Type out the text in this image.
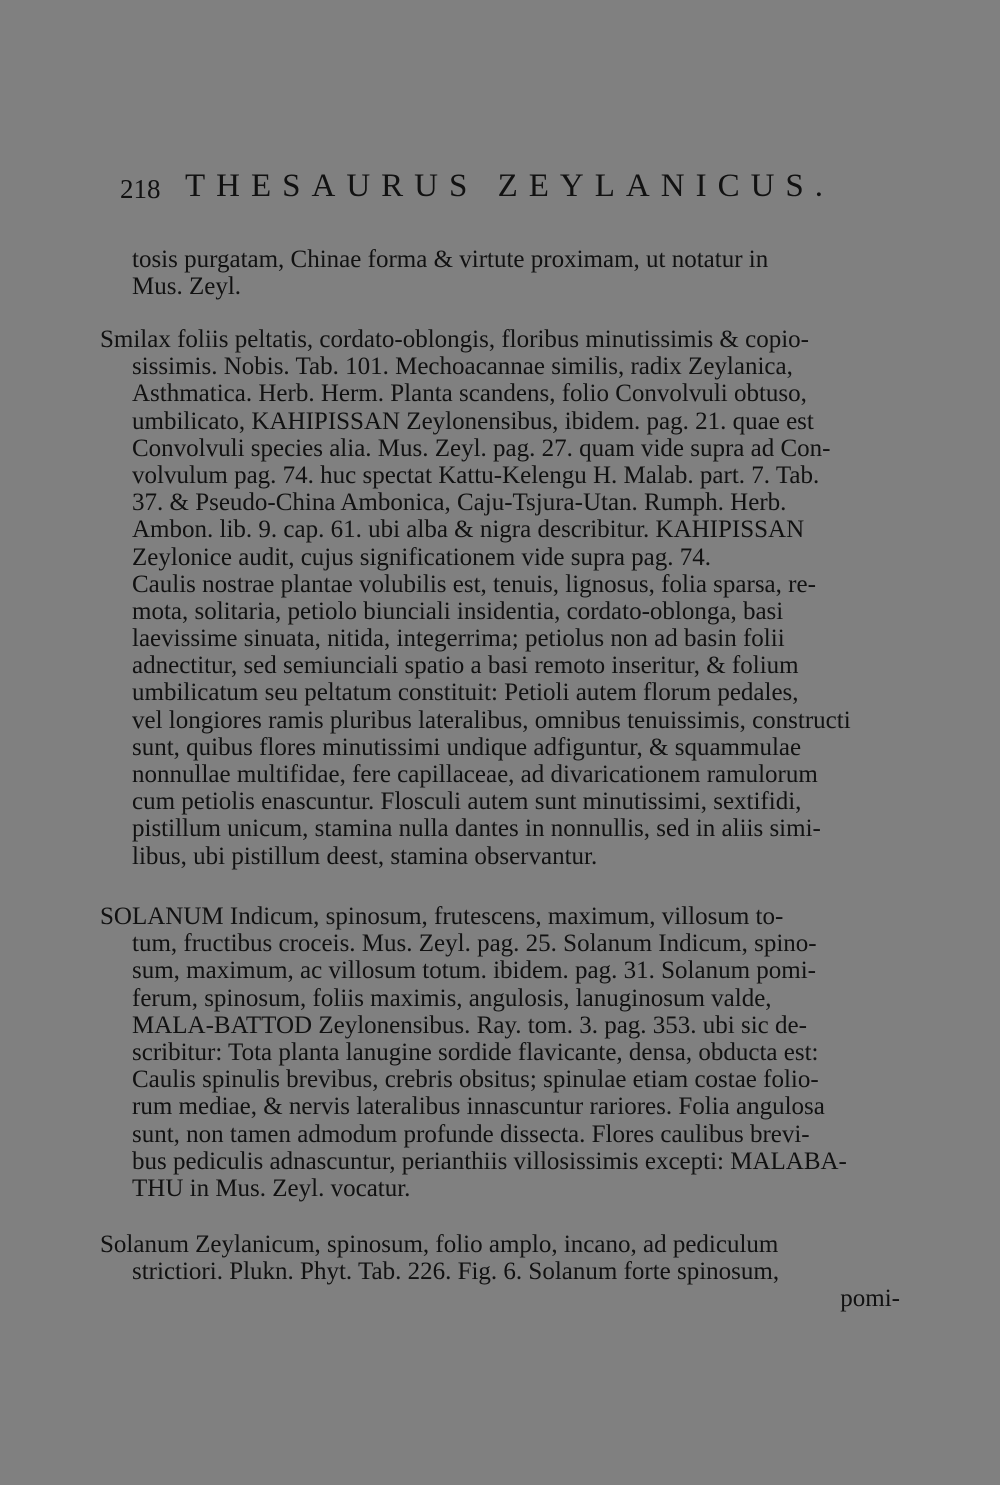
218 THESAURUS ZEYLANICUS.
tosis purgatam, Chinae forma & virtute proximam, ut notatur in
Mus. Zeyl.
Smilax foliis peltatis, cordato-oblongis, floribus minutissimis & copio-
sissimis. Nobis. Tab. 101. Mechoacannae similis, radix Zeylanica,
Asthmatica. Herb. Herm. Planta scandens, folio Convolvuli obtuso,
umbilicato, KAHIPISSAN Zeylonensibus, ibidem. pag. 21. quae est
Convolvuli species alia. Mus. Zeyl. pag. 27. quam vide supra ad Con-
volvulum pag. 74. huc spectat Kattu-Kelengu H. Malab. part. 7. Tab.
37. & Pseudo-China Ambonica, Caju-Tsjura-Utan. Rumph. Herb.
Ambon. lib. 9. cap. 61. ubi alba & nigra describitur. KAHIPISSAN
Zeylonice audit, cujus significationem vide supra pag. 74.
Caulis nostrae plantae volubilis est, tenuis, lignosus, folia sparsa, re-
mota, solitaria, petiolo biunciali insidentia, cordato-oblonga, basi
laevissime sinuata, nitida, integerrima; petiolus non ad basin folii
adnectitur, sed semiunciali spatio a basi remoto inseritur, & folium
umbilicatum seu peltatum constituit: Petioli autem florum pedales,
vel longiores ramis pluribus lateralibus, omnibus tenuissimis, constructi
sunt, quibus flores minutissimi undique adfiguntur, & squammulae
nonnullae multifidae, fere capillaceae, ad divaricationem ramulorum
cum petiolis enascuntur. Flosculi autem sunt minutissimi, sextifidi,
pistillum unicum, stamina nulla dantes in nonnullis, sed in aliis simi-
libus, ubi pistillum deest, stamina observantur.
SOLANUM Indicum, spinosum, frutescens, maximum, villosum to-
tum, fructibus croceis. Mus. Zeyl. pag. 25. Solanum Indicum, spino-
sum, maximum, ac villosum totum. ibidem. pag. 31. Solanum pomi-
ferum, spinosum, foliis maximis, angulosis, lanuginosum valde,
MALA-BATTOD Zeylonensibus. Ray. tom. 3. pag. 353. ubi sic de-
scribitur: Tota planta lanugine sordide flavicante, densa, obducta est:
Caulis spinulis brevibus, crebris obsitus; spinulae etiam costae folio-
rum mediae, & nervis lateralibus innascuntur rariores. Folia angulosa
sunt, non tamen admodum profunde dissecta. Flores caulibus brevi-
bus pediculis adnascuntur, perianthiis villosissimis excepti: MALABA-
THU in Mus. Zeyl. vocatur.
Solanum Zeylanicum, spinosum, folio amplo, incano, ad pediculum
strictiori. Plukn. Phyt. Tab. 226. Fig. 6. Solanum forte spinosum,
pomi-
